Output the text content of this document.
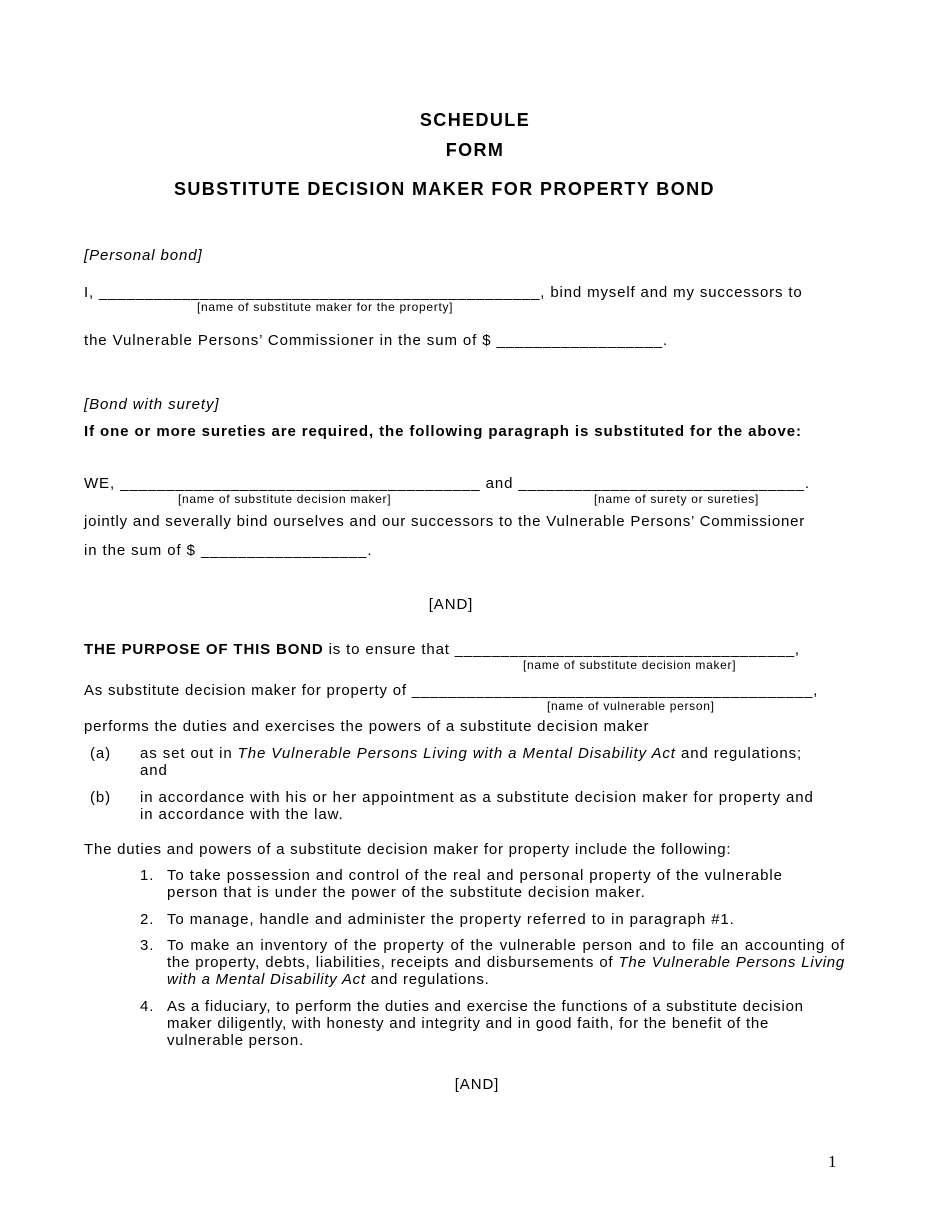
SCHEDULE
FORM
SUBSTITUTE DECISION MAKER FOR PROPERTY BOND
[Personal bond]
I, ________________________________________________, bind myself and my successors to
[name of substitute maker for the property]
the Vulnerable Persons’ Commissioner in the sum of $ __________________.
[Bond with surety]
If one or more sureties are required, the following paragraph is substituted for the above:
WE, _______________________________________ and _______________________________.
[name of substitute decision maker]	[name of surety or sureties]
jointly and severally bind ourselves and our successors to the Vulnerable Persons’ Commissioner
in the sum of $ __________________.
[AND]
THE PURPOSE OF THIS BOND is to ensure that _____________________________________,
[name of substitute decision maker]
As substitute decision maker for property of ____________________________________________,
[name of vulnerable person]
performs the duties and exercises the powers of a substitute decision maker
(a) as set out in The Vulnerable Persons Living with a Mental Disability Act and regulations; and
(b) in accordance with his or her appointment as a substitute decision maker for property and in accordance with the law.
The duties and powers of a substitute decision maker for property include the following:
1. To take possession and control of the real and personal property of the vulnerable person that is under the power of the substitute decision maker.
2. To manage, handle and administer the property referred to in paragraph #1.
3. To make an inventory of the property of the vulnerable person and to file an accounting of the property, debts, liabilities, receipts and disbursements of The Vulnerable Persons Living with a Mental Disability Act and regulations.
4. As a fiduciary, to perform the duties and exercise the functions of a substitute decision maker diligently, with honesty and integrity and in good faith, for the benefit of the vulnerable person.
[AND]
1
